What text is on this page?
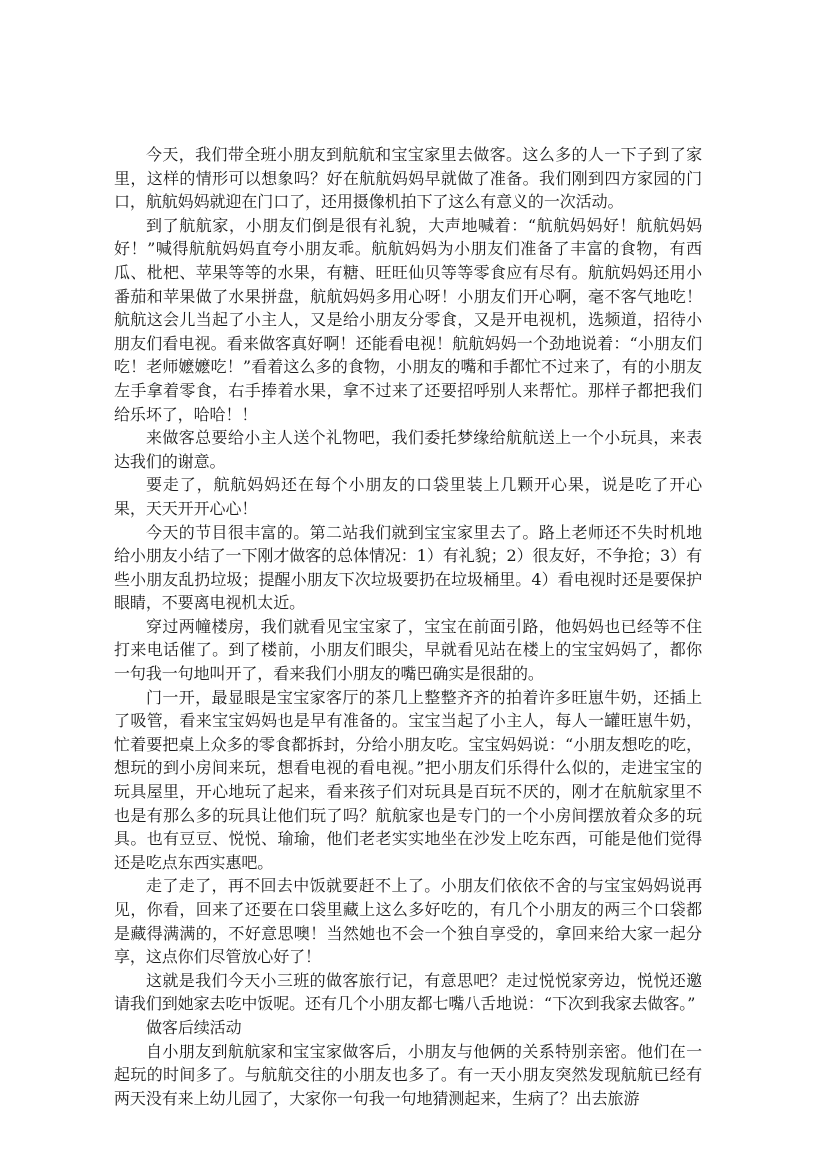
今天，我们带全班小朋友到航航和宝宝家里去做客。这么多的人一下子到了家里，这样的情形可以想象吗？好在航航妈妈早就做了准备。我们刚到四方家园的门口，航航妈妈就迎在门口了，还用摄像机拍下了这么有意义的一次活动。

到了航航家，小朋友们倒是很有礼貌，大声地喊着：“航航妈妈好！航航妈妈好！”喊得航航妈妈直夸小朋友乖。航航妈妈为小朋友们准备了丰富的食物，有西瓜、枇杷、苹果等等的水果，有糖、旺旺仙贝等等零食应有尽有。航航妈妈还用小番茄和苹果做了水果拼盘，航航妈妈多用心呀！小朋友们开心啊，毫不客气地吃！航航这会儿当起了小主人，又是给小朋友分零食，又是开电视机，选频道，招待小朋友们看电视。看来做客真好啊！还能看电视！航航妈妈一个劲地说着：“小朋友们吃！老师嬷嬷吃！”看着这么多的食物，小朋友的嘴和手都忙不过来了，有的小朋友左手拿着零食，右手捧着水果，拿不过来了还要招呼别人来帮忙。那样子都把我们给乐坏了，哈哈！！

来做客总要给小主人送个礼物吧，我们委托梦缘给航航送上一个小玩具，来表达我们的谢意。

要走了，航航妈妈还在每个小朋友的口袋里装上几颗开心果，说是吃了开心果，天天开开心心！

今天的节目很丰富的。第二站我们就到宝宝家里去了。路上老师还不失时机地给小朋友小结了一下刚才做客的总体情况：1）有礼貌；2）很友好，不争抢；3）有些小朋友乱扔垃圾；提醒小朋友下次垃圾要扔在垃圾桶里。4）看电视时还是要保护眼睛，不要离电视机太近。

穿过两幢楼房，我们就看见宝宝家了，宝宝在前面引路，他妈妈也已经等不住打来电话催了。到了楼前，小朋友们眼尖，早就看见站在楼上的宝宝妈妈了，都你一句我一句地叫开了，看来我们小朋友的嘴巴确实是很甜的。

门一开，最显眼是宝宝家客厅的茶几上整整齐齐的拍着许多旺崽牛奶，还插上了吸管，看来宝宝妈妈也是早有准备的。宝宝当起了小主人，每人一罐旺崽牛奶，忙着要把桌上众多的零食都拆封，分给小朋友吃。宝宝妈妈说：“小朋友想吃的吃，想玩的到小房间来玩，想看电视的看电视。”把小朋友们乐得什么似的，走进宝宝的玩具屋里，开心地玩了起来，看来孩子们对玩具是百玩不厌的，刚才在航航家里不也是有那么多的玩具让他们玩了吗？航航家也是专门的一个小房间摆放着众多的玩具。也有豆豆、悦悦、瑜瑜，他们老老实实地坐在沙发上吃东西，可能是他们觉得还是吃点东西实惠吧。

走了走了，再不回去中饭就要赶不上了。小朋友们依依不舍的与宝宝妈妈说再见，你看，回来了还要在口袋里藏上这么多好吃的，有几个小朋友的两三个口袋都是藏得满满的，不好意思噢！当然她也不会一个独自享受的，拿回来给大家一起分享，这点你们尽管放心好了！

这就是我们今天小三班的做客旅行记，有意思吧？走过悦悦家旁边，悦悦还邀请我们到她家去吃中饭呢。还有几个小朋友都七嘴八舌地说：“下次到我家去做客。”

做客后续活动

自小朋友到航航家和宝宝家做客后，小朋友与他俩的关系特别亲密。他们在一起玩的时间多了。与航航交往的小朋友也多了。有一天小朋友突然发现航航已经有两天没有来上幼儿园了，大家你一句我一句地猜测起来，生病了？出去旅游
